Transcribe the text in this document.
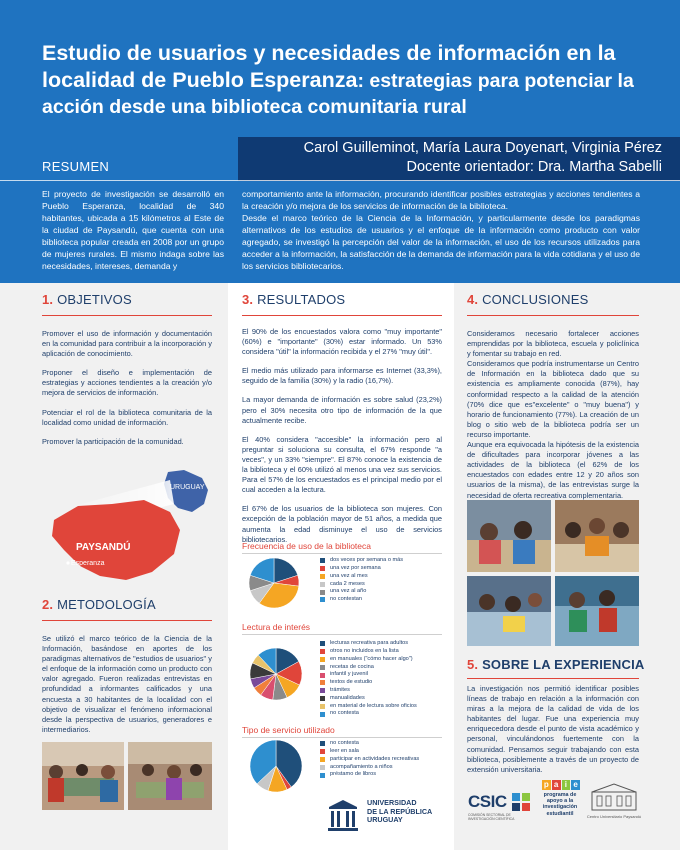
Estudio de usuarios y necesidades de información en la localidad de Pueblo Esperanza: estrategias para potenciar la acción desde una biblioteca comunitaria rural
Carol Guilleminot, María Laura Doyenart, Virginia Pérez
Docente orientador: Dra. Martha Sabelli
RESUMEN
El proyecto de investigación se desarrolló en Pueblo Esperanza, localidad de 340 habitantes, ubicada a 15 kilómetros al Este de la ciudad de Paysandú, que cuenta con una biblioteca popular creada en 2008 por un grupo de mujeres rurales. El mismo indaga sobre las necesidades, intereses, demanda y

comportamiento ante la información, procurando identificar posibles estrategias y acciones tendientes a la creación y/o mejora de los servicios de información de la biblioteca.

Desde el marco teórico de la Ciencia de la Información, y particularmente desde los paradigmas alternativos de los estudios de usuarios y el enfoque de la información como producto con valor agregado, se investigó la percepción del valor de la información, el uso de los recursos utilizados para acceder a la información, la satisfacción de la demanda de información para la vida cotidiana y el uso de los servicios bibliotecarios.

1. OBJETIVOS

Promover el uso de información y documentación en la comunidad para contribuir a la incorporación y aplicación de conocimiento.

Proponer el diseño e implementación de estrategias y acciones tendientes a la creación y/o mejora de servicios de información.

Potenciar el rol de la biblioteca comunitaria de la localidad como unidad de información.

Promover la participación de la comunidad.

URUGUAY
PAYSANDÚ
Esperanza
2. METODOLOGÍA
Se utilizó el marco teórico de la Ciencia de la Información, basándose en aportes de los paradigmas alternativos de "estudios de usuarios" y el enfoque de la información como un producto con valor agregado. Fueron realizadas entrevistas en profundidad a informantes calificados y una encuesta a 30 habitantes de la localidad con el objetivo de visualizar el fenómeno informacional desde la perspectiva de usuarios, generadores e intermediarios.
3. RESULTADOS

El 90% de los encuestados valora como "muy importante" (60%) e "importante" (30%) estar informado. Un 53% considera "útil" la información recibida y el 27% "muy útil".

El medio más utilizado para informarse es Internet (33,3%), seguido de la familia (30%) y la radio (16,7%).

La mayor demanda de información es sobre salud (23,2%) pero el 30% necesita otro tipo de información de la que actualmente recibe.

El 40% considera "accesible" la información pero al preguntar si soluciona su consulta, el 67% responde "a veces", y un 33% "siempre". El 87% conoce la existencia de la biblioteca y el 60% utilizó al menos una vez sus servicios. Para el 57% de los encuestados es el principal medio por el cual acceden a la lectura.

El 67% de los usuarios de la biblioteca son mujeres. Con excepción de la población mayor de 51 años, a medida que aumenta la edad disminuye el uso de servicios bibliotecarios.

Frecuencia de uso de la biblioteca
dos veces por semana o más
una vez por semana
una vez al mes
cada 2 meses
una vez al año
no contestan
Lectura de interés
lecturas recreativa para adultos
otros no incluidos en la lista
en manuales ("cómo hacer algo")
recetas de cocina
infantil y juvenil
textos de estudio
trámites
manualidades
en material de lectura sobre oficios
no contesta
Tipo de servicio utilizado
no contesta
leer en sala
participar en actividades recreativas
acompañamiento a niños
préstamo de libros
UNIVERSIDAD
DE LA REPÚBLICA
URUGUAY
4. CONCLUSIONES

Consideramos necesario fortalecer acciones emprendidas por la biblioteca, escuela y policlínica y fomentar su trabajo en red.

Consideramos que podría instrumentarse un Centro de Información en la biblioteca dado que su existencia es ampliamente conocida (87%), hay conformidad respecto a la calidad de la atención (70% dice que es"excelente" o "muy buena") y horario de funcionamiento (77%). La creación de un blog o sitio web de la biblioteca podría ser un recurso importante.

Aunque era equivocada la hipótesis de la existencia de dificultades para incorporar jóvenes a las actividades de la biblioteca (el 62% de los encuestados con edades entre 12 y 20 años son usuarios de la misma), de las entrevistas surge la necesidad de oferta recreativa complementaria.

5. SOBRE LA EXPERIENCIA
La investigación nos permitió identificar posibles líneas de trabajo en relación a la información con miras a la mejora de la calidad de vida de los habitantes del lugar. Fue una experiencia muy enriquecedora desde el punto de vista académico y personal, vinculándonos fuertemente con la comunidad. Pensamos seguir trabajando con esta biblioteca, posiblemente a través de un proyecto de extensión universitaria.
CSIC
COMISIÓN SECTORIAL DE
INVESTIGACIÓN CIENTÍFICA
p a i e
programa de
apoyo a la
investigación
estudiantil	Centro Universitario Paysandú
